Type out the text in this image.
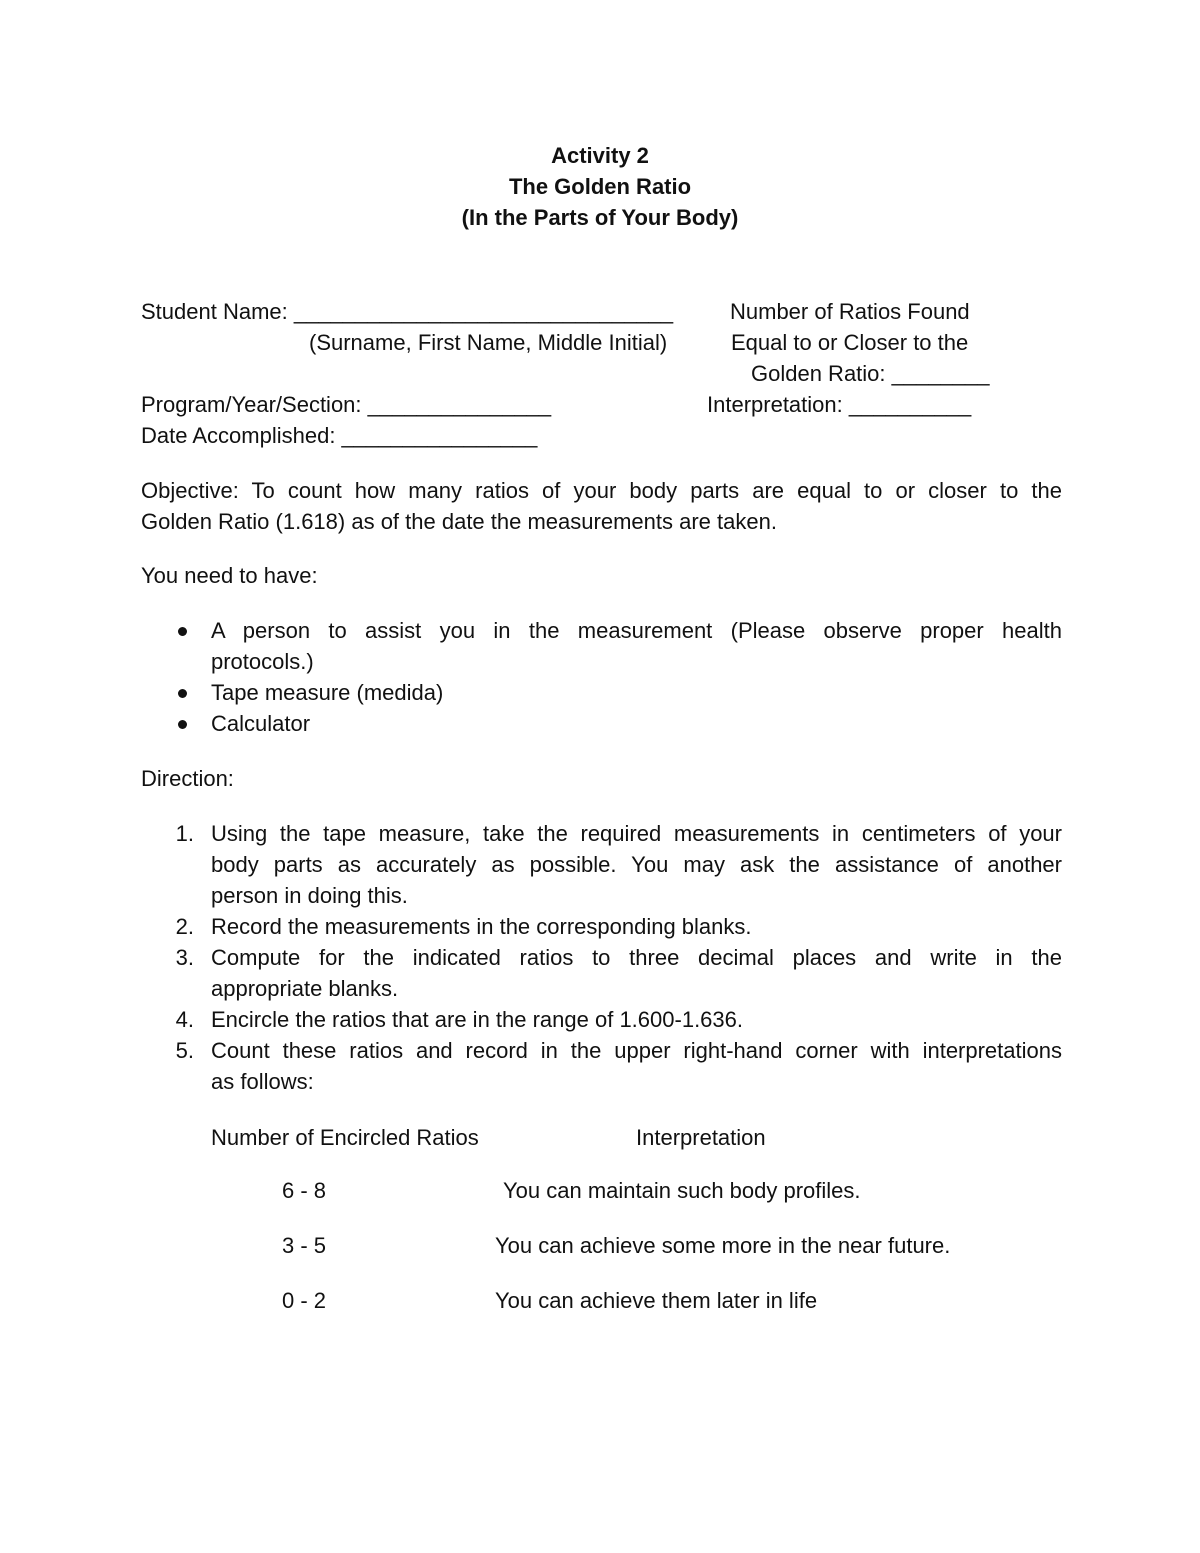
Activity 2
The Golden Ratio
(In the Parts of Your Body)
Student Name: _______________________________
(Surname, First Name, Middle Initial)
Number of Ratios Found
Equal to or Closer to the
Golden Ratio: ________
Program/Year/Section: _______________	Interpretation: __________
Date Accomplished: ________________
Objective: To count how many ratios of your body parts are equal to or closer to the
Golden Ratio (1.618) as of the date the measurements are taken.
You need to have:
A person to assist you in the measurement (Please observe proper health
protocols.)
Tape measure (medida)
Calculator
Direction:
1. Using the tape measure, take the required measurements in centimeters of your
body parts as accurately as possible. You may ask the assistance of another
person in doing this.
2. Record the measurements in the corresponding blanks.
3. Compute for the indicated ratios to three decimal places and write in the
appropriate blanks.
4. Encircle the ratios that are in the range of 1.600-1.636.
5. Count these ratios and record in the upper right-hand corner with interpretations
as follows:
Number of Encircled Ratios	Interpretation
6 - 8	You can maintain such body profiles.
3 - 5	You can achieve some more in the near future.
0 - 2	You can achieve them later in life
